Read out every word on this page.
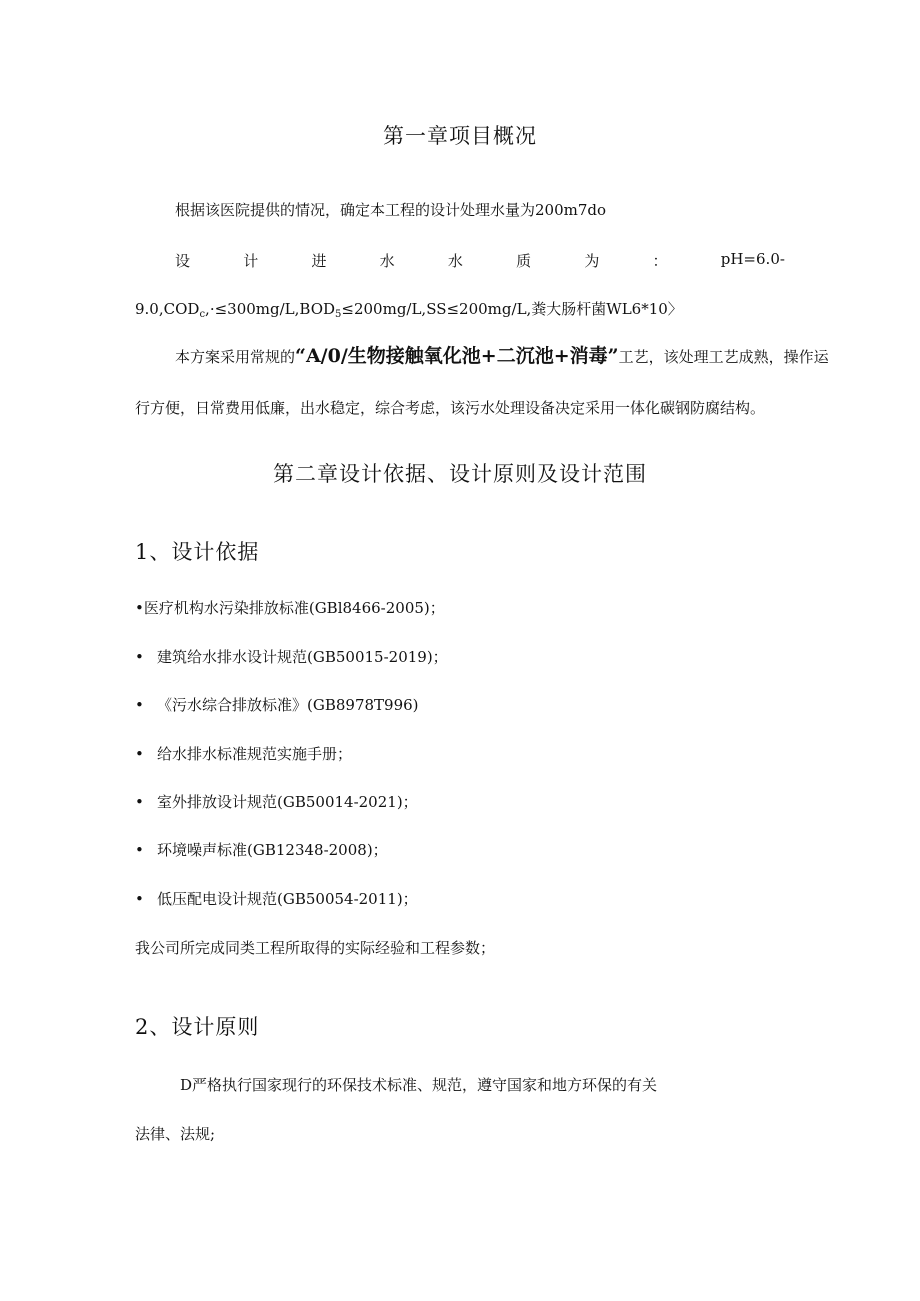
第一章项目概况
根据该医院提供的情况，确定本工程的设计处理水量为200m7do
设	计	进	水	水	质	为	：	pH=6.0-
$9.0,COD_c,\cdot\le 300mg/L,BOD_5\le 200mg/L,SS\le 200mg/L$,粪大肠杆菌WL6*10〉
本方案采用常规的“A/0/生物接触氧化池+二沉池+消毒”工艺，该处理工艺成熟，操作运
行方便，日常费用低廉，出水稳定，综合考虑，该污水处理设备决定采用一体化碳钢防腐结构。
第二章设计依据、设计原则及设计范围
1、设计依据
•医疗机构水污染排放标准(GBl8466-2005)；
• 建筑给水排水设计规范(GB50015-2019)；
• 《污水综合排放标准》(GB8978T996)
• 给水排水标准规范实施手册；
• 室外排放设计规范(GB50014-2021)；
• 环境噪声标准(GB12348-2008)；
• 低压配电设计规范(GB50054-2011)；
我公司所完成同类工程所取得的实际经验和工程参数；
2、设计原则
D严格执行国家现行的环保技术标准、规范，遵守国家和地方环保的有关
法律、法规;
